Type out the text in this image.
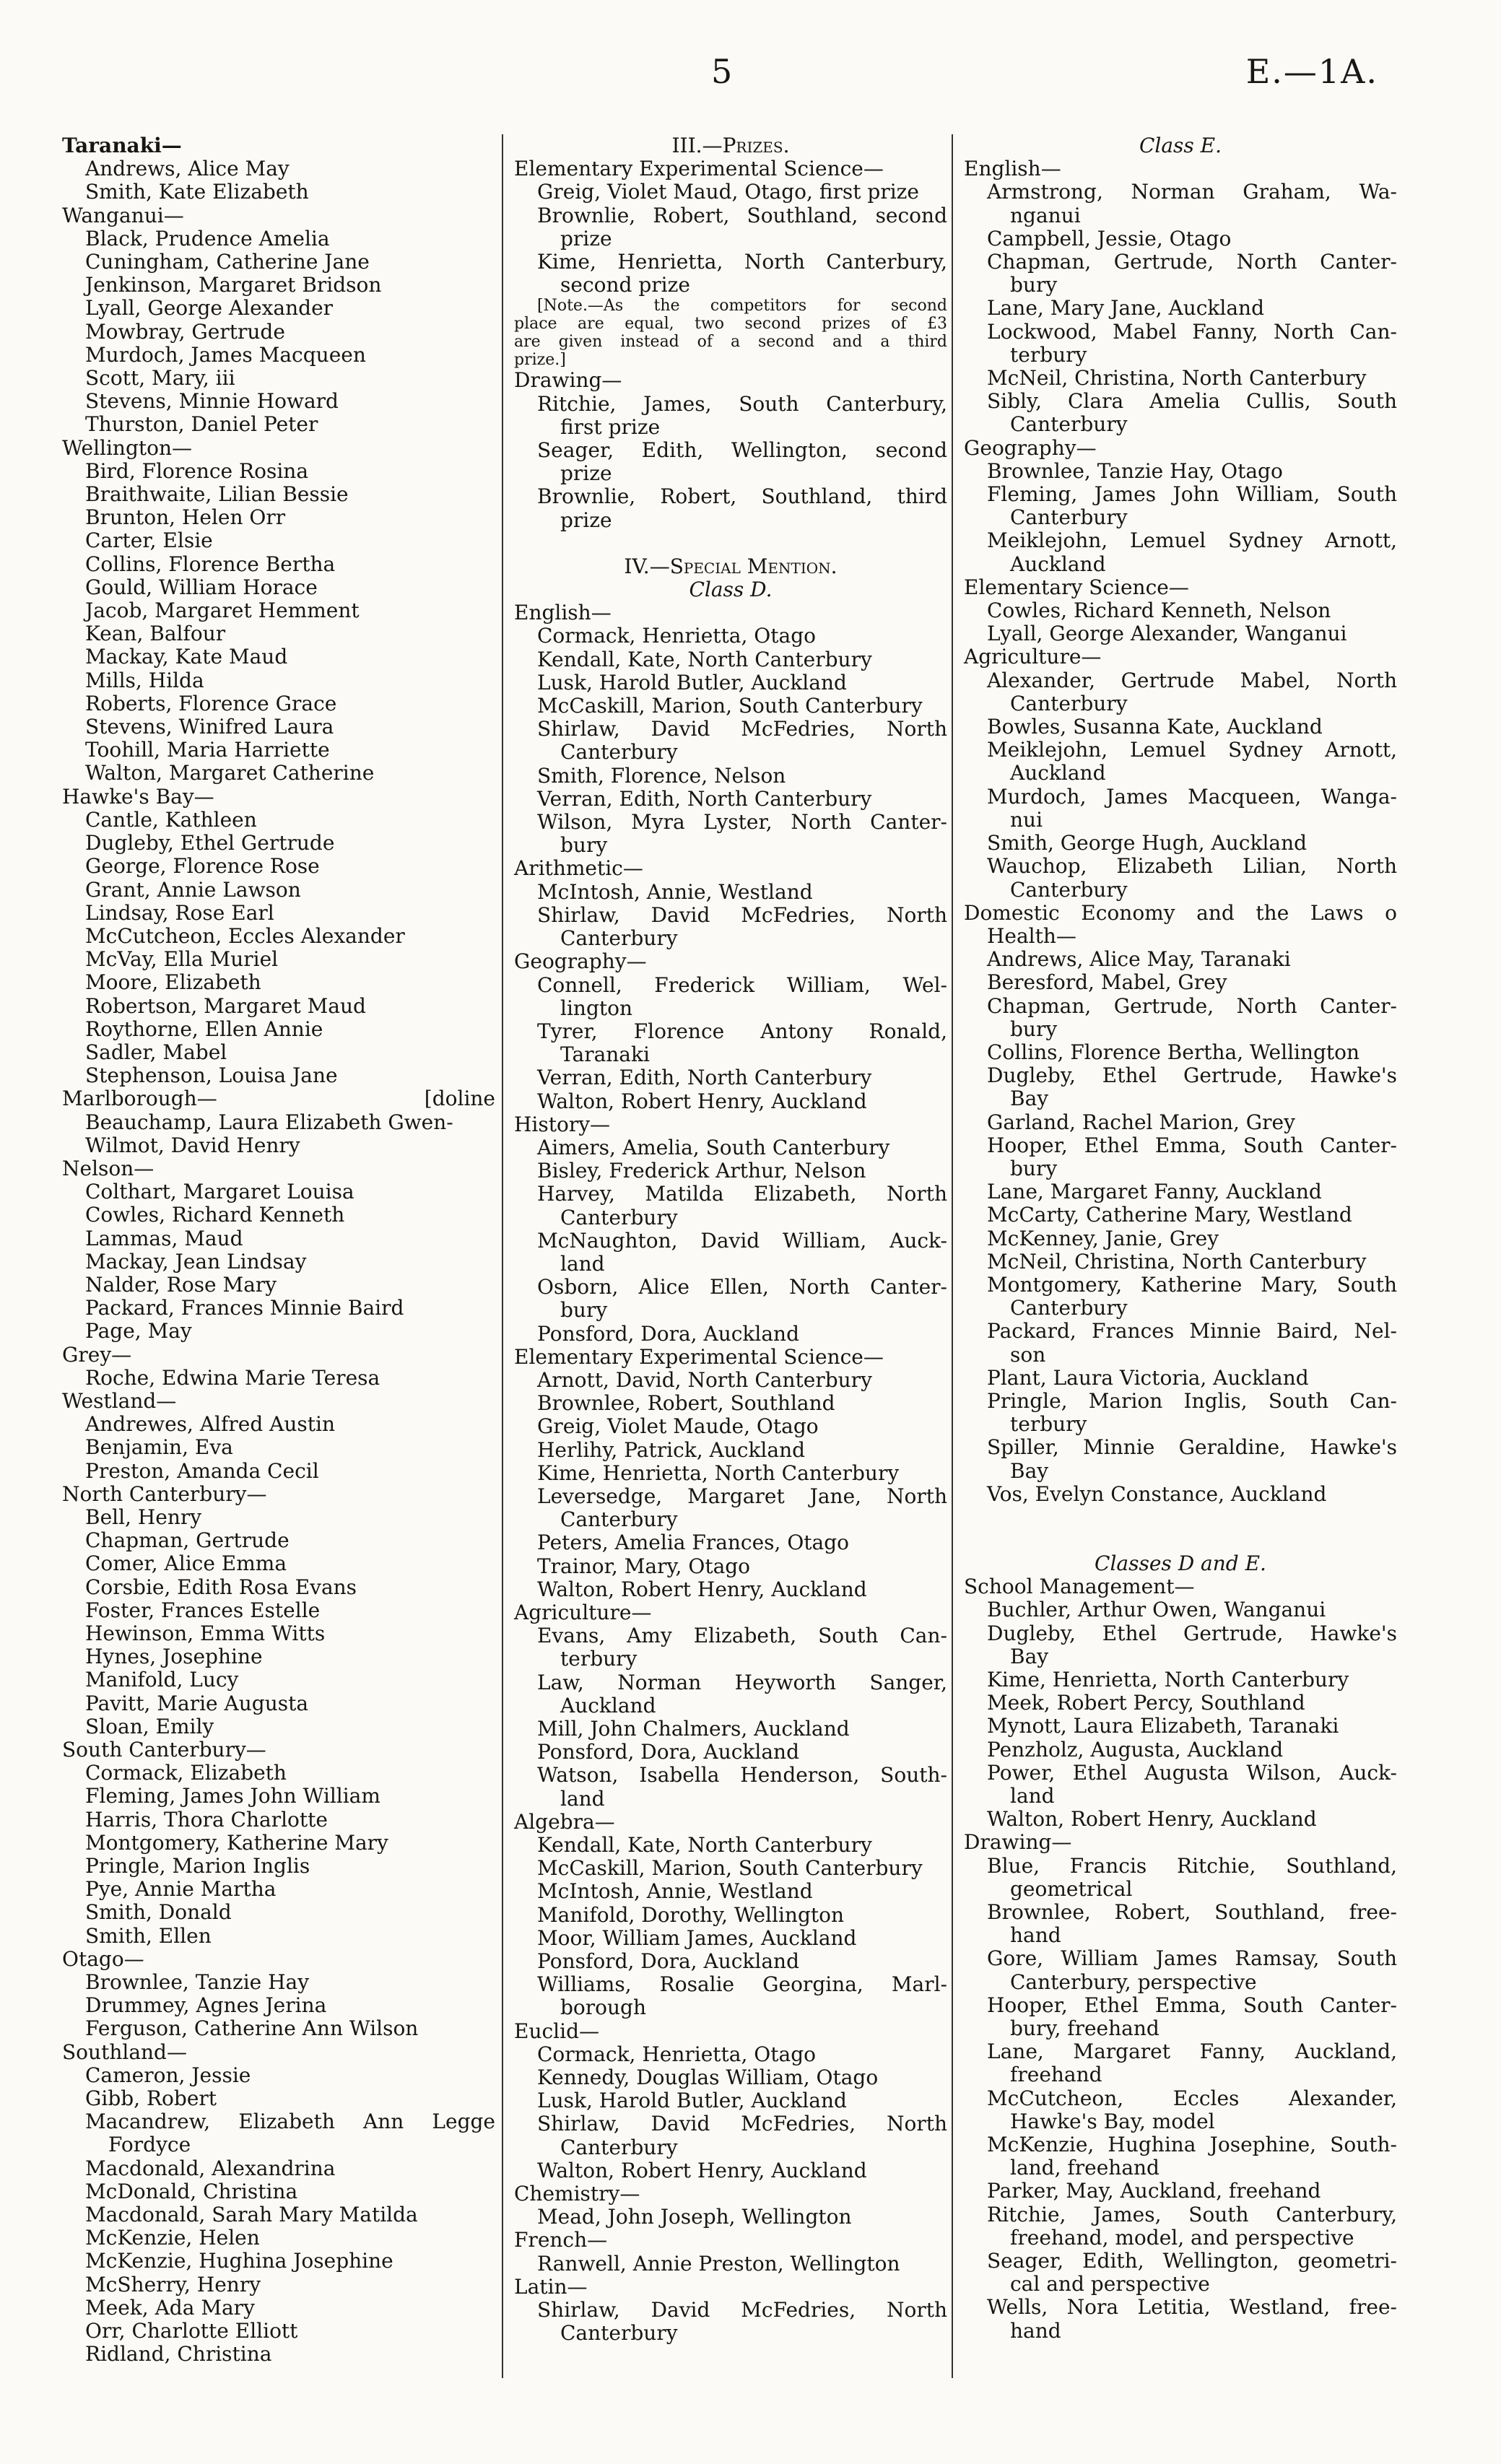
5	E.—1A.
Taranaki—
Andrews, Alice May
Smith, Kate Elizabeth
Wanganui—
Black, Prudence Amelia
Cuningham, Catherine Jane
Jenkinson, Margaret Bridson
Lyall, George Alexander
Mowbray, Gertrude
Murdoch, James Macqueen
Scott, Mary, iii
Stevens, Minnie Howard
Thurston, Daniel Peter
Wellington—
Bird, Florence Rosina
Braithwaite, Lilian Bessie
Brunton, Helen Orr
Carter, Elsie
Collins, Florence Bertha
Gould, William Horace
Jacob, Margaret Hemment
Kean, Balfour
Mackay, Kate Maud
Mills, Hilda
Roberts, Florence Grace
Stevens, Winifred Laura
Toohill, Maria Harriette
Walton, Margaret Catherine
Hawke's Bay—
Cantle, Kathleen
Dugleby, Ethel Gertrude
George, Florence Rose
Grant, Annie Lawson
Lindsay, Rose Earl
McCutcheon, Eccles Alexander
McVay, Ella Muriel
Moore, Elizabeth
Robertson, Margaret Maud
Roythorne, Ellen Annie
Sadler, Mabel
Stephenson, Louisa Jane
Marlborough—	[doline
Beauchamp, Laura Elizabeth Gwen-
Wilmot, David Henry
Nelson—
Colthart, Margaret Louisa
Cowles, Richard Kenneth
Lammas, Maud
Mackay, Jean Lindsay
Nalder, Rose Mary
Packard, Frances Minnie Baird
Page, May
Grey—
Roche, Edwina Marie Teresa
Westland—
Andrewes, Alfred Austin
Benjamin, Eva
Preston, Amanda Cecil
North Canterbury—
Bell, Henry
Chapman, Gertrude
Comer, Alice Emma
Corsbie, Edith Rosa Evans
Foster, Frances Estelle
Hewinson, Emma Witts
Hynes, Josephine
Manifold, Lucy
Pavitt, Marie Augusta
Sloan, Emily
South Canterbury—
Cormack, Elizabeth
Fleming, James John William
Harris, Thora Charlotte
Montgomery, Katherine Mary
Pringle, Marion Inglis
Pye, Annie Martha
Smith, Donald
Smith, Ellen
Otago—
Brownlee, Tanzie Hay
Drummey, Agnes Jerina
Ferguson, Catherine Ann Wilson
Southland—
Cameron, Jessie
Gibb, Robert
Macandrew, Elizabeth Ann Legge
Fordyce
Macdonald, Alexandrina
McDonald, Christina
Macdonald, Sarah Mary Matilda
McKenzie, Helen
McKenzie, Hughina Josephine
McSherry, Henry
Meek, Ada Mary
Orr, Charlotte Elliott
Ridland, Christina
III.—Prizes.
Elementary Experimental Science—
Greig, Violet Maud, Otago, first prize
Brownlie, Robert, Southland, second
prize
Kime, Henrietta, North Canterbury,
second prize
[Note.—As the competitors for second
place are equal, two second prizes of £3
are given instead of a second and a third
prize.]
Drawing—
Ritchie, James, South Canterbury,
first prize
Seager, Edith, Wellington, second
prize
Brownlie, Robert, Southland, third
prize
IV.—Special Mention.
Class D.
English—
Cormack, Henrietta, Otago
Kendall, Kate, North Canterbury
Lusk, Harold Butler, Auckland
McCaskill, Marion, South Canterbury
Shirlaw, David McFedries, North
Canterbury
Smith, Florence, Nelson
Verran, Edith, North Canterbury
Wilson, Myra Lyster, North Canter-
bury
Arithmetic—
McIntosh, Annie, Westland
Shirlaw, David McFedries, North
Canterbury
Geography—
Connell, Frederick William, Wel-
lington
Tyrer, Florence Antony Ronald,
Taranaki
Verran, Edith, North Canterbury
Walton, Robert Henry, Auckland
History—
Aimers, Amelia, South Canterbury
Bisley, Frederick Arthur, Nelson
Harvey, Matilda Elizabeth, North
Canterbury
McNaughton, David William, Auck-
land
Osborn, Alice Ellen, North Canter-
bury
Ponsford, Dora, Auckland
Elementary Experimental Science—
Arnott, David, North Canterbury
Brownlee, Robert, Southland
Greig, Violet Maude, Otago
Herlihy, Patrick, Auckland
Kime, Henrietta, North Canterbury
Leversedge, Margaret Jane, North
Canterbury
Peters, Amelia Frances, Otago
Trainor, Mary, Otago
Walton, Robert Henry, Auckland
Agriculture—
Evans, Amy Elizabeth, South Can-
terbury
Law, Norman Heyworth Sanger,
Auckland
Mill, John Chalmers, Auckland
Ponsford, Dora, Auckland
Watson, Isabella Henderson, South-
land
Algebra—
Kendall, Kate, North Canterbury
McCaskill, Marion, South Canterbury
McIntosh, Annie, Westland
Manifold, Dorothy, Wellington
Moor, William James, Auckland
Ponsford, Dora, Auckland
Williams, Rosalie Georgina, Marl-
borough
Euclid—
Cormack, Henrietta, Otago
Kennedy, Douglas William, Otago
Lusk, Harold Butler, Auckland
Shirlaw, David McFedries, North
Canterbury
Walton, Robert Henry, Auckland
Chemistry—
Mead, John Joseph, Wellington
French—
Ranwell, Annie Preston, Wellington
Latin—
Shirlaw, David McFedries, North
Canterbury
Class E.
English—
Armstrong, Norman Graham, Wa-
nganui
Campbell, Jessie, Otago
Chapman, Gertrude, North Canter-
bury
Lane, Mary Jane, Auckland
Lockwood, Mabel Fanny, North Can-
terbury
McNeil, Christina, North Canterbury
Sibly, Clara Amelia Cullis, South
Canterbury
Geography—
Brownlee, Tanzie Hay, Otago
Fleming, James John William, South
Canterbury
Meiklejohn, Lemuel Sydney Arnott,
Auckland
Elementary Science—
Cowles, Richard Kenneth, Nelson
Lyall, George Alexander, Wanganui
Agriculture—
Alexander, Gertrude Mabel, North
Canterbury
Bowles, Susanna Kate, Auckland
Meiklejohn, Lemuel Sydney Arnott,
Auckland
Murdoch, James Macqueen, Wanga-
nui
Smith, George Hugh, Auckland
Wauchop, Elizabeth Lilian, North
Canterbury
Domestic Economy and the Laws o
Health—
Andrews, Alice May, Taranaki
Beresford, Mabel, Grey
Chapman, Gertrude, North Canter-
bury
Collins, Florence Bertha, Wellington
Dugleby, Ethel Gertrude, Hawke's
Bay
Garland, Rachel Marion, Grey
Hooper, Ethel Emma, South Canter-
bury
Lane, Margaret Fanny, Auckland
McCarty, Catherine Mary, Westland
McKenney, Janie, Grey
McNeil, Christina, North Canterbury
Montgomery, Katherine Mary, South
Canterbury
Packard, Frances Minnie Baird, Nel-
son
Plant, Laura Victoria, Auckland
Pringle, Marion Inglis, South Can-
terbury
Spiller, Minnie Geraldine, Hawke's
Bay
Vos, Evelyn Constance, Auckland
Classes D and E.
School Management—
Buchler, Arthur Owen, Wanganui
Dugleby, Ethel Gertrude, Hawke's
Bay
Kime, Henrietta, North Canterbury
Meek, Robert Percy, Southland
Mynott, Laura Elizabeth, Taranaki
Penzholz, Augusta, Auckland
Power, Ethel Augusta Wilson, Auck-
land
Walton, Robert Henry, Auckland
Drawing—
Blue, Francis Ritchie, Southland,
geometrical
Brownlee, Robert, Southland, free-
hand
Gore, William James Ramsay, South
Canterbury, perspective
Hooper, Ethel Emma, South Canter-
bury, freehand
Lane, Margaret Fanny, Auckland,
freehand
McCutcheon, Eccles Alexander,
Hawke's Bay, model
McKenzie, Hughina Josephine, South-
land, freehand
Parker, May, Auckland, freehand
Ritchie, James, South Canterbury,
freehand, model, and perspective
Seager, Edith, Wellington, geometri-
cal and perspective
Wells, Nora Letitia, Westland, free-
hand
